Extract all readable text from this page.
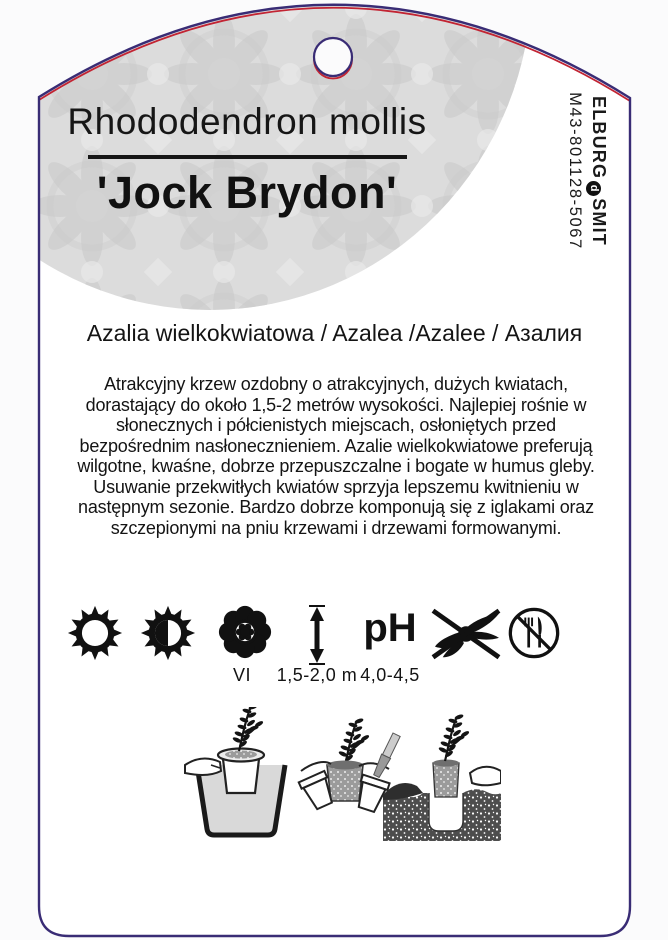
Rhododendron mollis
'Jock Brydon'
ELBURGdSMIT
M43-801128-5067
Azalia wielkokwiatowa / Azalea /Azalee / Азалия
Atrakcyjny krzew ozdobny o atrakcyjnych, dużych kwiatach, dorastający do około 1,5-2 metrów wysokości. Najlepiej rośnie w słonecznych i półcienistych miejscach, osłoniętych przed bezpośrednim nasłonecznieniem. Azalie wielkokwiatowe preferują wilgotne, kwaśne, dobrze przepuszczalne i bogate w humus gleby. Usuwanie przekwitłych kwiatów sprzyja lepszemu kwitnieniu w następnym sezonie. Bardzo dobrze komponują się z iglakami oraz szczepionymi na pniu krzewami i drzewami formowanymi.
pH
VI	1,5-2,0 m 4,0-4,5
